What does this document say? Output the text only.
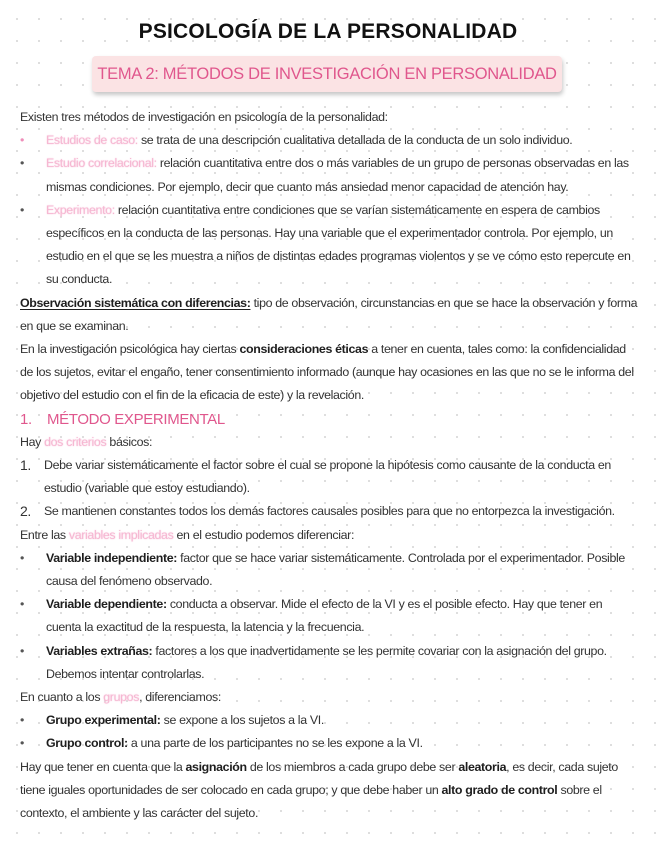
PSICOLOGÍA DE LA PERSONALIDAD
TEMA 2: MÉTODOS DE INVESTIGACIÓN EN PERSONALIDAD

Existen tres métodos de investigación en psicología de la personalidad:

• Estudios de caso: se trata de una descripción cualitativa detallada de la conducta de un solo individuo.

• Estudio correlacional: relación cuantitativa entre dos o más variables de un grupo de personas observadas en las mismas condiciones. Por ejemplo, decir que cuanto más ansiedad menor capacidad de atención hay.

• Experimento: relación cuantitativa entre condiciones que se varían sistemáticamente en espera de cambios específicos en la conducta de las personas. Hay una variable que el experimentador controla. Por ejemplo, un estudio en el que se les muestra a niños de distintas edades programas violentos y se ve cómo esto repercute en su conducta.

Observación sistemática con diferencias: tipo de observación, circunstancias en que se hace la observación y forma en que se examinan.

En la investigación psicológica hay ciertas consideraciones éticas a tener en cuenta, tales como: la confidencialidad de los sujetos, evitar el engaño, tener consentimiento informado (aunque hay ocasiones en las que no se le informa del objetivo del estudio con el fin de la eficacia de este) y la revelación.

1. MÉTODO EXPERIMENTAL

Hay dos criterios básicos:

1. Debe variar sistemáticamente el factor sobre el cual se propone la hipótesis como causante de la conducta en estudio (variable que estoy estudiando).

2. Se mantienen constantes todos los demás factores causales posibles para que no entorpezca la investigación.

Entre las variables implicadas en el estudio podemos diferenciar:

• Variable independiente: factor que se hace variar sistemáticamente. Controlada por el experimentador. Posible causa del fenómeno observado.

• Variable dependiente: conducta a observar. Mide el efecto de la VI y es el posible efecto. Hay que tener en cuenta la exactitud de la respuesta, la latencia y la frecuencia.

• Variables extrañas: factores a los que inadvertidamente se les permite covariar con la asignación del grupo. Debemos intentar controlarlas.

En cuanto a los grupos, diferenciamos:

• Grupo experimental: se expone a los sujetos a la VI.

• Grupo control: a una parte de los participantes no se les expone a la VI.

Hay que tener en cuenta que la asignación de los miembros a cada grupo debe ser aleatoria, es decir, cada sujeto tiene iguales oportunidades de ser colocado en cada grupo; y que debe haber un alto grado de control sobre el contexto, el ambiente y las carácter del sujeto.
